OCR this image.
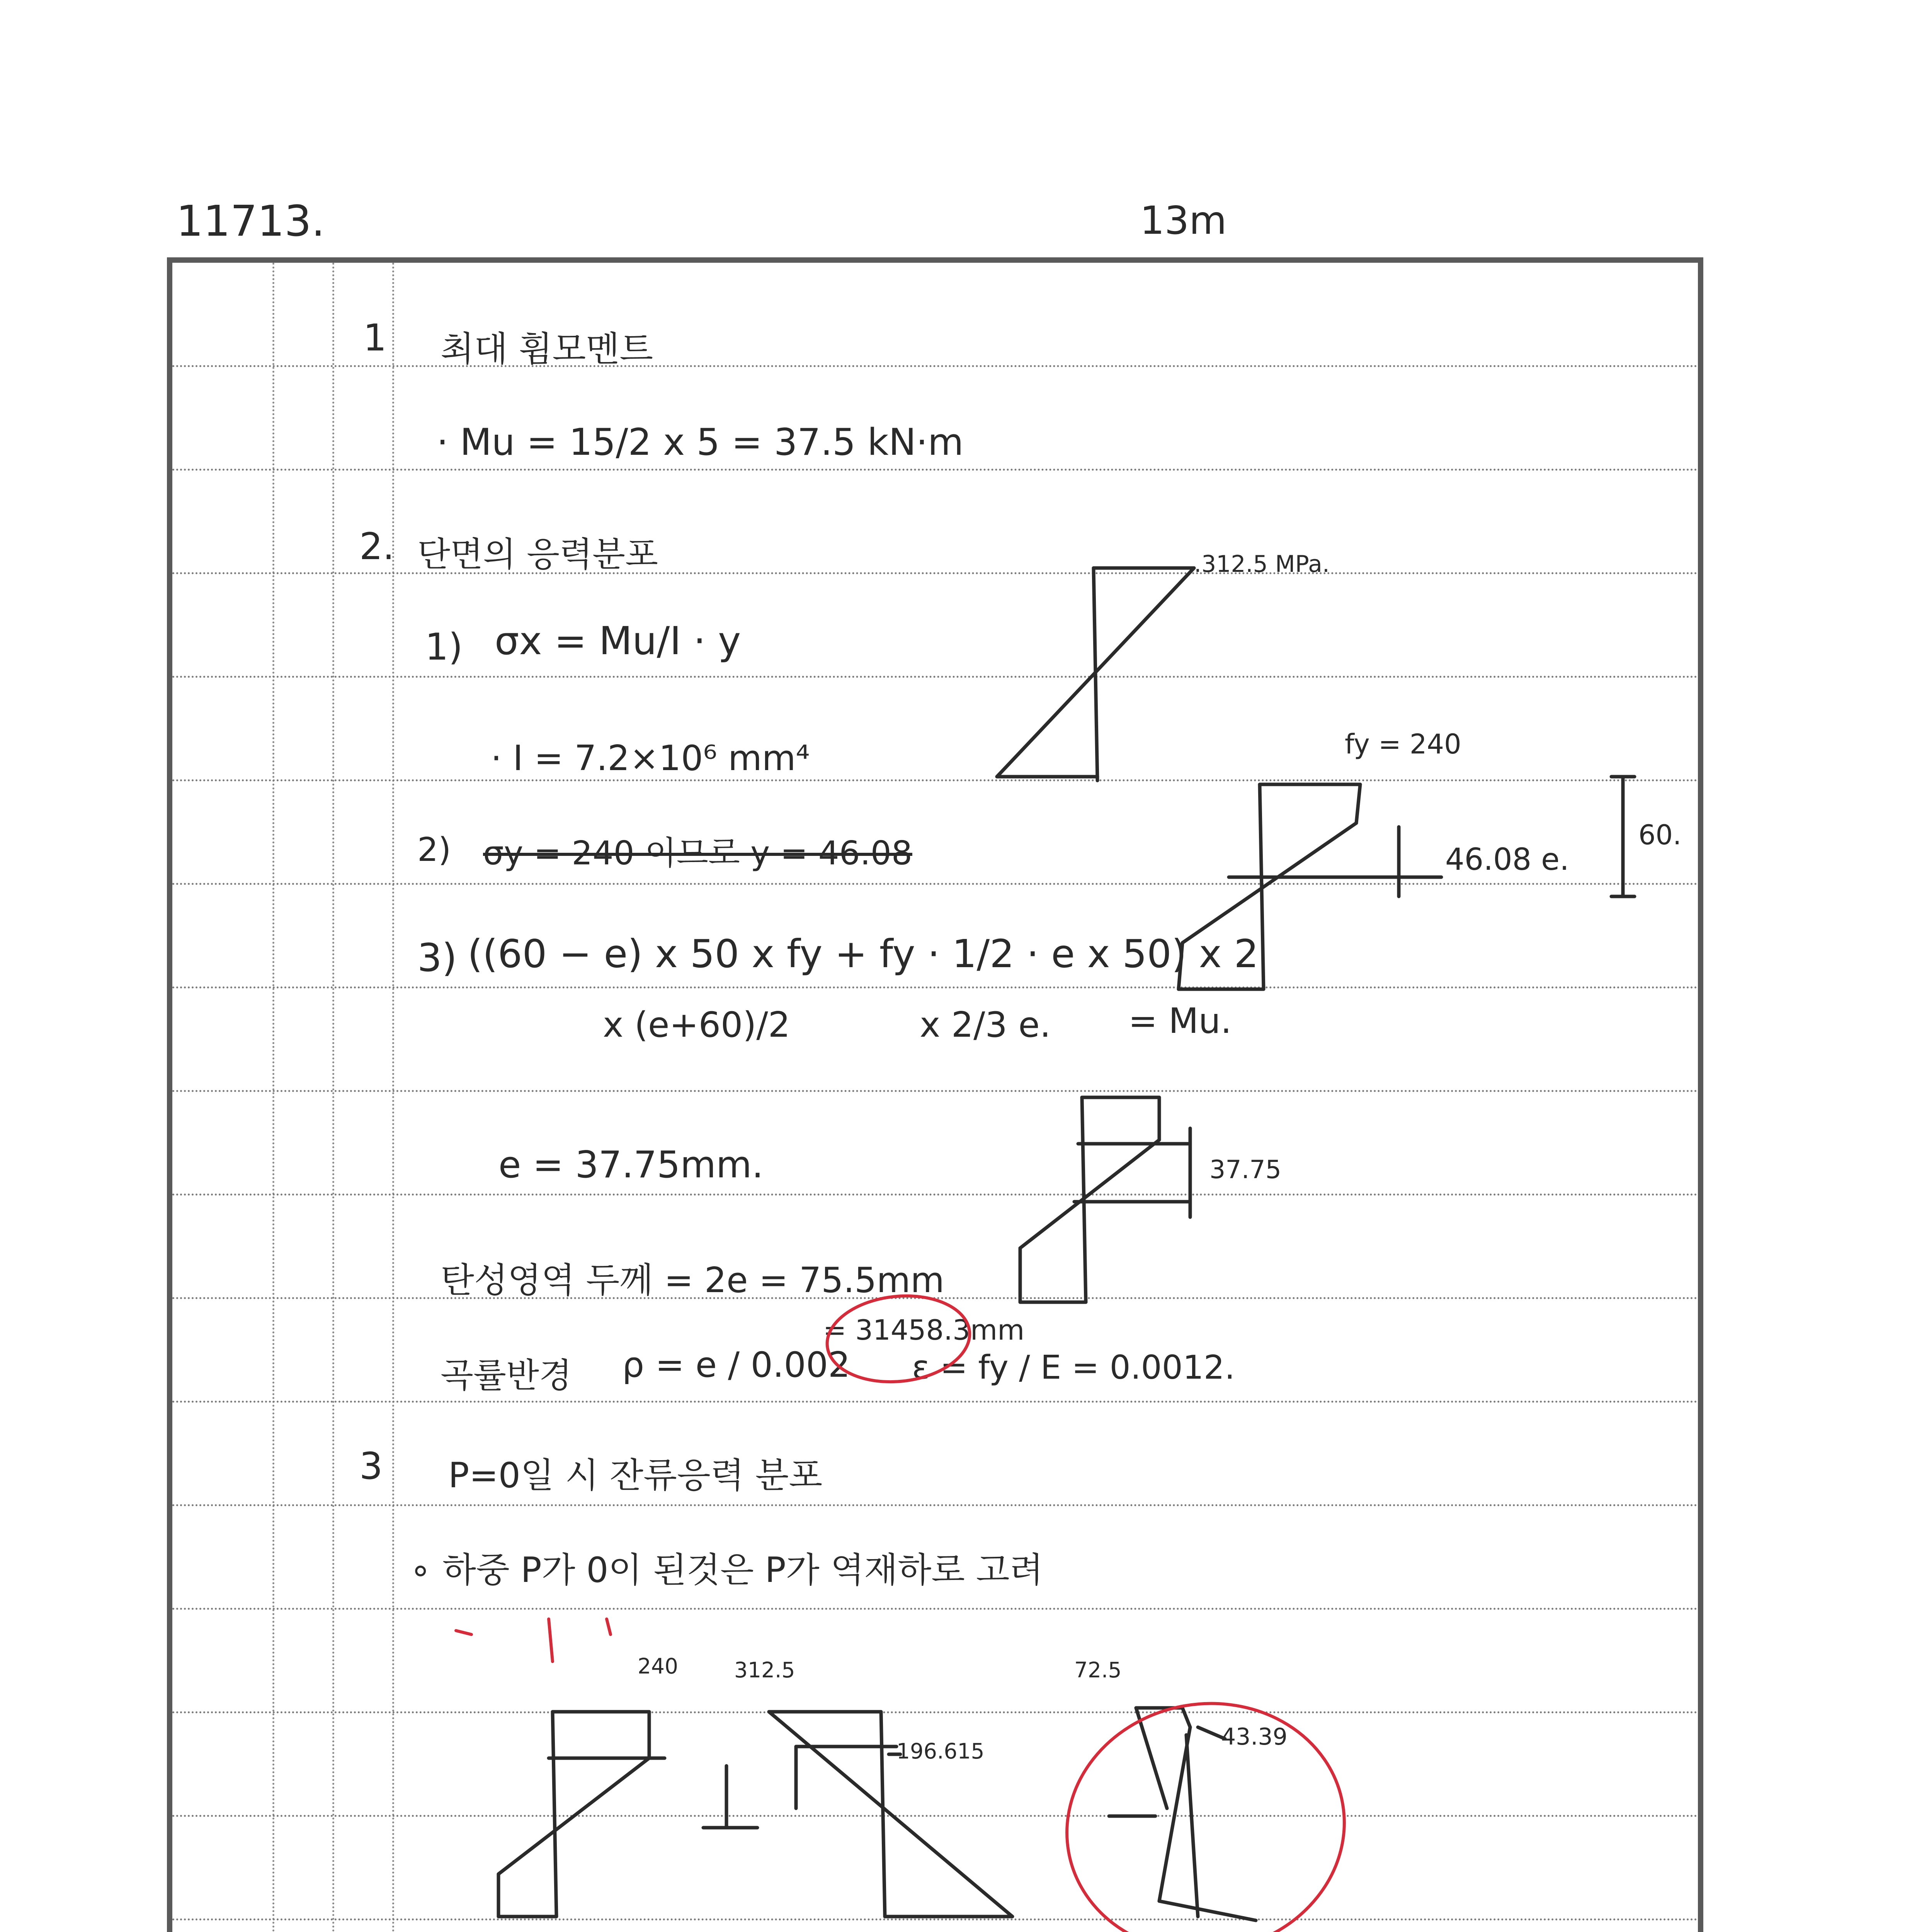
11713.	13m
1 최대 휨모멘트
· Mu = 15/2 x 5 = 37.5 kN·m
2. 단면의 응력분포
1) σx = Mu/I · y
· I = 7.2×10⁶ mm⁴
2) σy = 240 이므로 y = 46.08
3) ((60 − e) x 50 x fy + fy · 1/2 · e x 50) x 2
x (e+60)/2	x 2/3 e. = Mu.
e = 37.75mm.
탄성영역 두께 = 2e = 75.5mm
곡률반경 ρ = e / 0.002
= 31458.3mm
ε = fy / E = 0.0012.
3 P=0일 시 잔류응력 분포
∘ 하중 P가 0이 된것은 P가 역재하로 고려
.312.5 MPa.
fy = 240
46.08 e.
60.
37.75
240	312.5
196.615
72.5
43.39
